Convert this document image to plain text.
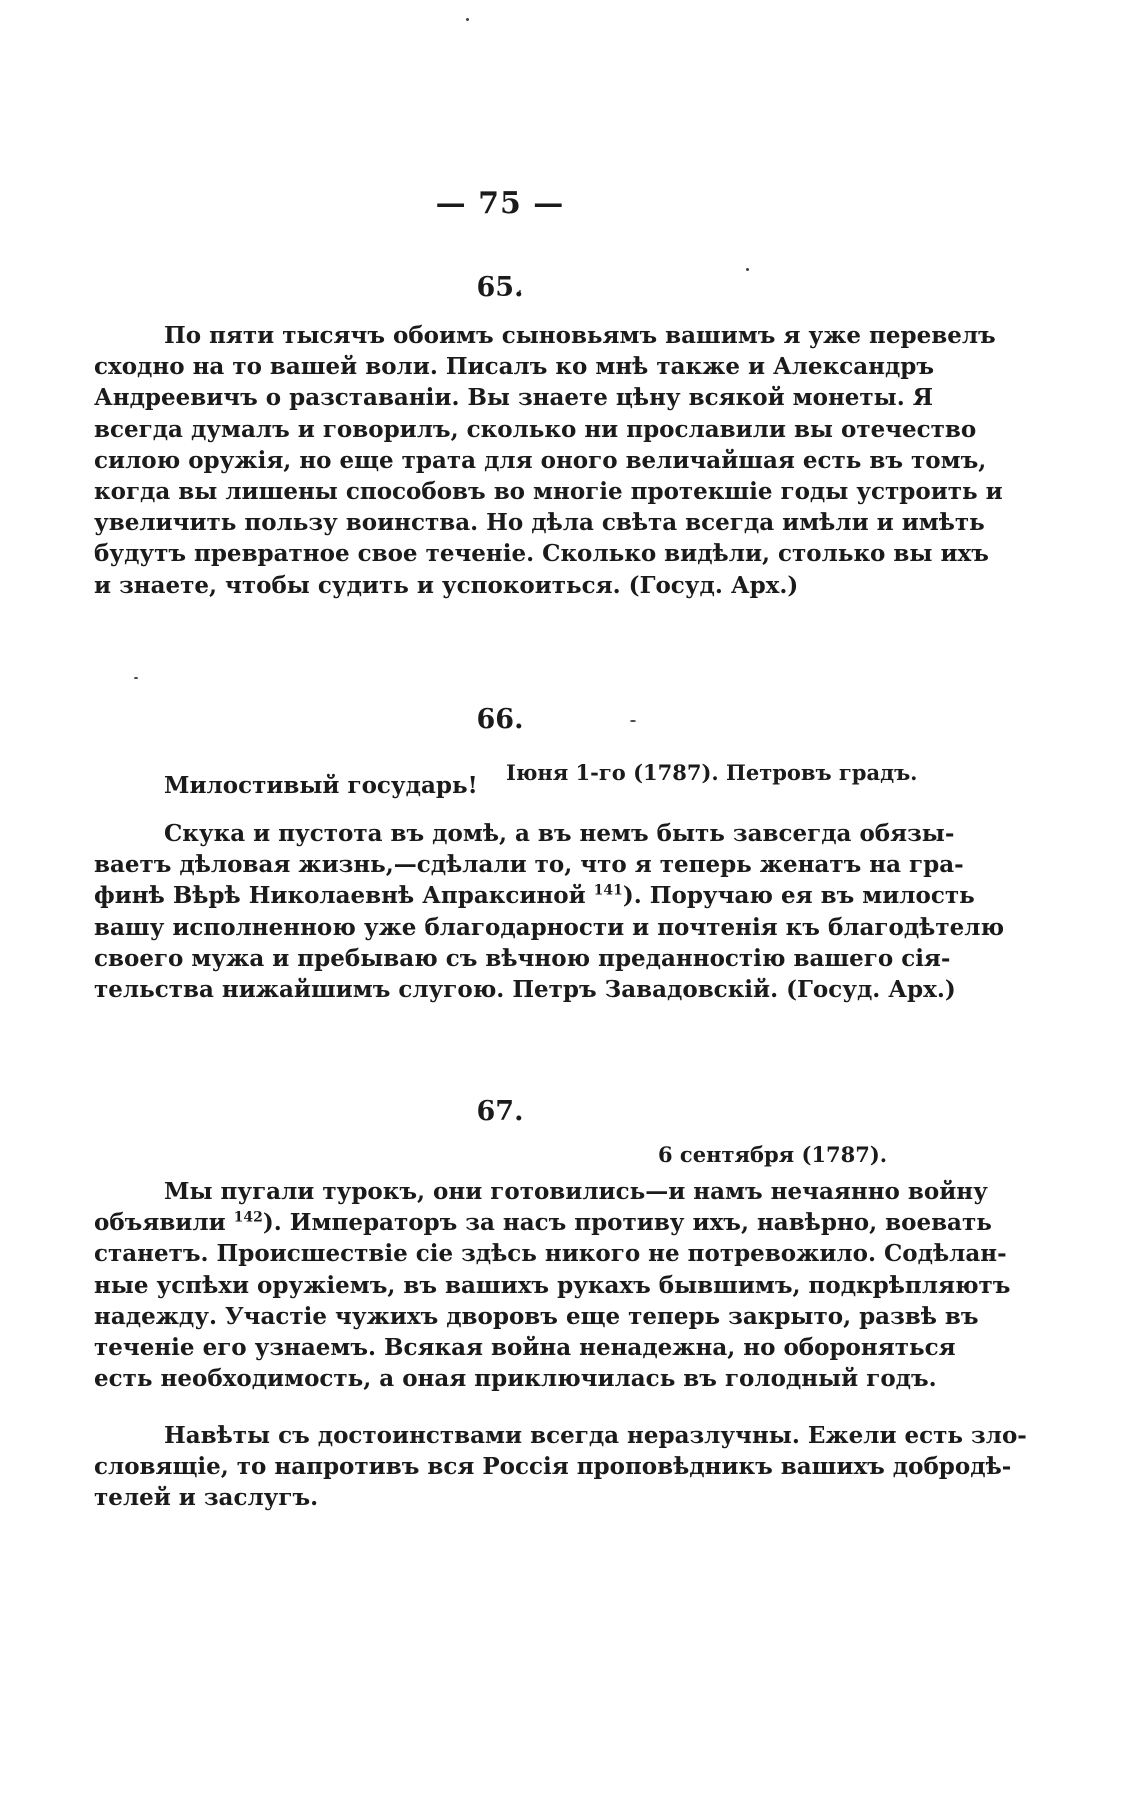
— 75 —
65.
По пяти тысячъ обоимъ сыновьямъ вашимъ я уже перевелъ
сходно на то вашей воли. Писалъ ко мнѣ также и Александръ
Андреевичъ о разставаніи. Вы знаете цѣну всякой монеты. Я
всегда думалъ и говорилъ, сколько ни прославили вы отечество
силою оружія, но еще трата для оного величайшая есть въ томъ,
когда вы лишены способовъ во многіе протекшіе годы устроить и
увеличить пользу воинства. Но дѣла свѣта всегда имѣли и имѣть
будутъ превратное свое теченіе. Сколько видѣли, столько вы ихъ
и знаете, чтобы судить и успокоиться. (Госуд. Арх.)
66.
Іюня 1-го (1787). Петровъ градъ.
Милостивый государь!
Скука и пустота въ домѣ, а въ немъ быть завсегда обязы-
ваетъ дѣловая жизнь,—сдѣлали то, что я теперь женатъ на гра-
финѣ Вѣрѣ Николаевнѣ Апраксиной $^{141}$). Поручаю ея въ милость
вашу исполненною уже благодарности и почтенія къ благодѣтелю
своего мужа и пребываю съ вѣчною преданностію вашего сія-
тельства нижайшимъ слугою. Петръ Завадовскій. (Госуд. Арх.)
67.
6 сентября (1787).
Мы пугали турокъ, они готовились—и намъ нечаянно войну
объявили $^{142}$). Императоръ за насъ противу ихъ, навѣрно, воевать
станетъ. Происшествіе сіе здѣсь никого не потревожило. Содѣлан-
ные успѣхи оружіемъ, въ вашихъ рукахъ бывшимъ, подкрѣпляютъ
надежду. Участіе чужихъ дворовъ еще теперь закрыто, развѣ въ
теченіе его узнаемъ. Всякая война ненадежна, но обороняться
есть необходимость, а оная приключилась въ голодный годъ.
Навѣты съ достоинствами всегда неразлучны. Ежели есть зло-
словящіе, то напротивъ вся Россія проповѣдникъ вашихъ добродѣ-
телей и заслугъ.
